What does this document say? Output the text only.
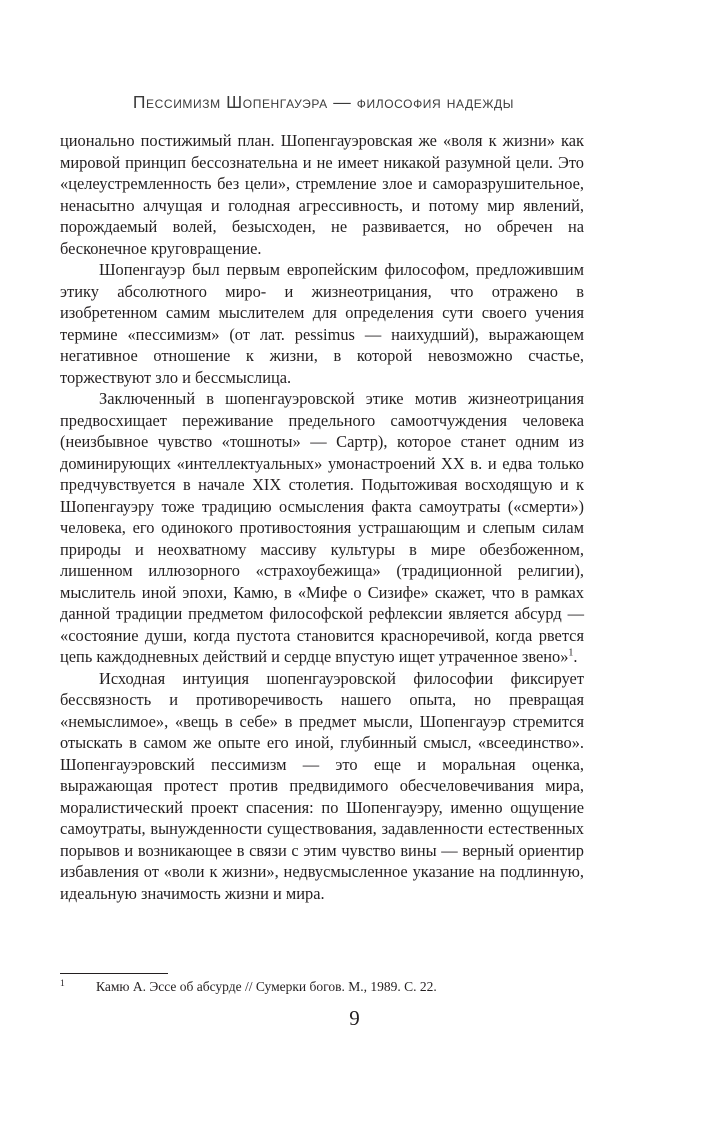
Пессимизм Шопенгауэра — философия надежды

ционально постижимый план. Шопенгауэровская же «воля к жизни» как мировой принцип бессознательна и не имеет никакой разумной цели. Это «целеустремленность без цели», стремление злое и саморазрушительное, ненасытно алчущая и голодная агрессивность, и потому мир явлений, порождаемый волей, безысходен, не развивается, но обречен на бесконечное круговращение.

Шопенгауэр был первым европейским философом, предложившим этику абсолютного миро- и жизнеотрицания, что отражено в изобретенном самим мыслителем для определения сути своего учения термине «пессимизм» (от лат. pessimus — наихудший), выражающем негативное отношение к жизни, в которой невозможно счастье, торжествуют зло и бессмыслица.

Заключенный в шопенгауэровской этике мотив жизнеотрицания предвосхищает переживание предельного самоотчуждения человека (неизбывное чувство «тошноты» — Сартр), которое станет одним из доминирующих «интеллектуальных» умонастроений XX в. и едва только предчувствуется в начале XIX столетия. Подытоживая восходящую и к Шопенгауэру тоже традицию осмысления факта самоутраты («смерти») человека, его одинокого противостояния устрашающим и слепым силам природы и неохватному массиву культуры в мире обезбоженном, лишенном иллюзорного «страхоубежища» (традиционной религии), мыслитель иной эпохи, Камю, в «Мифе о Сизифе» скажет, что в рамках данной традиции предметом философской рефлексии является абсурд — «состояние души, когда пустота становится красноречивой, когда рвется цепь каждодневных действий и сердце впустую ищет утраченное звено»$^1$.

Исходная интуиция шопенгауэровской философии фиксирует бессвязность и противоречивость нашего опыта, но превращая «немыслимое», «вещь в себе» в предмет мысли, Шопенгауэр стремится отыскать в самом же опыте его иной, глубинный смысл, «всеединство». Шопенгауэровский пессимизм — это еще и моральная оценка, выражающая протест против предвидимого обесчеловечивания мира, моралистический проект спасения: по Шопенгауэру, именно ощущение самоутраты, вынужденности существования, задавленности естественных порывов и возникающее в связи с этим чувство вины — верный ориентир избавления от «воли к жизни», недвусмысленное указание на подлинную, идеальную значимость жизни и мира.

1 Камю А. Эссе об абсурде // Сумерки богов. М., 1989. С. 22.
9
